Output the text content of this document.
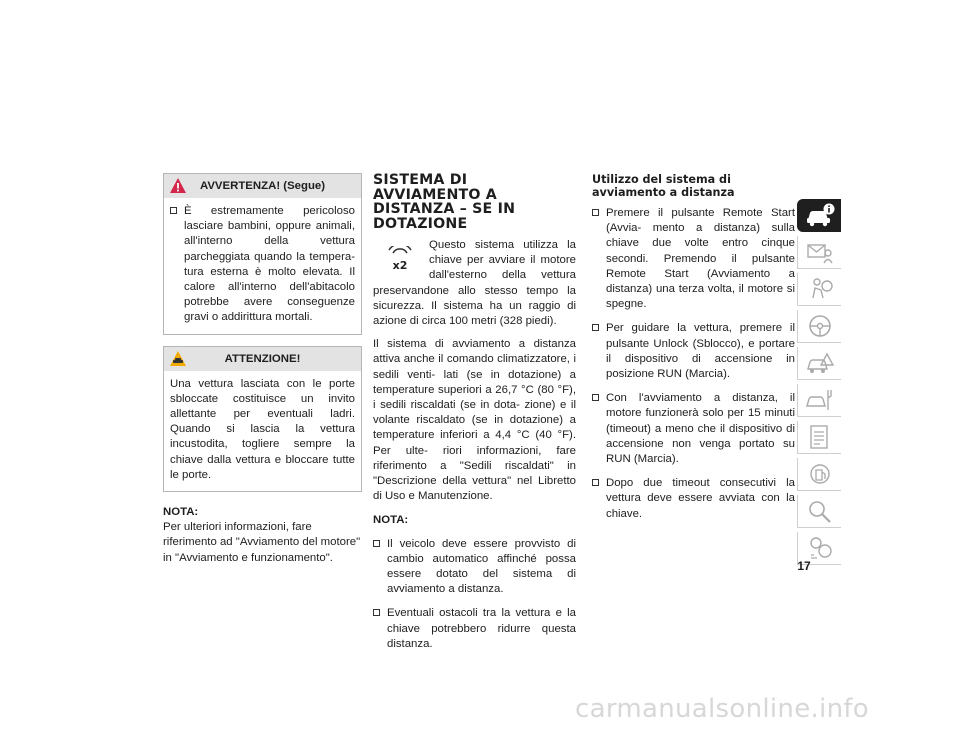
AVVERTENZA! (Segue)
È estremamente pericoloso lasciare bambini, oppure animali, all'interno della vettura parcheggiata quando la tempera- tura esterna è molto elevata. Il calore all'interno dell'abitacolo potrebbe avere conseguenze gravi o addirittura mortali.
ATTENZIONE!
Una vettura lasciata con le porte sbloccate costituisce un invito allettante per eventuali ladri. Quando si lascia la vettura incustodita, togliere sempre la chiave dalla vettura e bloccare tutte le porte.
NOTA:
Per ulteriori informazioni, fare riferimento ad "Avviamento del motore" in "Avviamento e funzionamento".
SISTEMA DI AVVIAMENTO A DISTANZA – SE IN DOTAZIONE
x2
Questo sistema utilizza la chiave per avviare il motore dall'esterno della vettura preservandone allo stesso tempo la sicurezza. Il sistema ha un raggio di azione di circa 100 metri (328 piedi).
Il sistema di avviamento a distanza attiva anche il comando climatizzatore, i sedili venti- lati (se in dotazione) a temperature superiori a 26,7 °C (80 °F), i sedili riscaldati (se in dota- zione) e il volante riscaldato (se in dotazione) a temperature inferiori a 4,4 °C (40 °F). Per ulte- riori informazioni, fare riferimento a "Sedili riscaldati" in "Descrizione della vettura" nel Libretto di Uso e Manutenzione.
NOTA:
Il veicolo deve essere provvisto di cambio automatico affinché possa essere dotato del sistema di avviamento a distanza.
Eventuali ostacoli tra la vettura e la chiave potrebbero ridurre questa distanza.
Utilizzo del sistema di avviamento a distanza
Premere il pulsante Remote Start (Avvia- mento a distanza) sulla chiave due volte entro cinque secondi. Premendo il pulsante Remote Start (Avviamento a distanza) una terza volta, il motore si spegne.
Per guidare la vettura, premere il pulsante Unlock (Sblocco), e portare il dispositivo di accensione in posizione RUN (Marcia).
Con l'avviamento a distanza, il motore funzionerà solo per 15 minuti (timeout) a meno che il dispositivo di accensione non venga portato su RUN (Marcia).
Dopo due timeout consecutivi la vettura deve essere avviata con la chiave.
17
carmanualsonline.info
